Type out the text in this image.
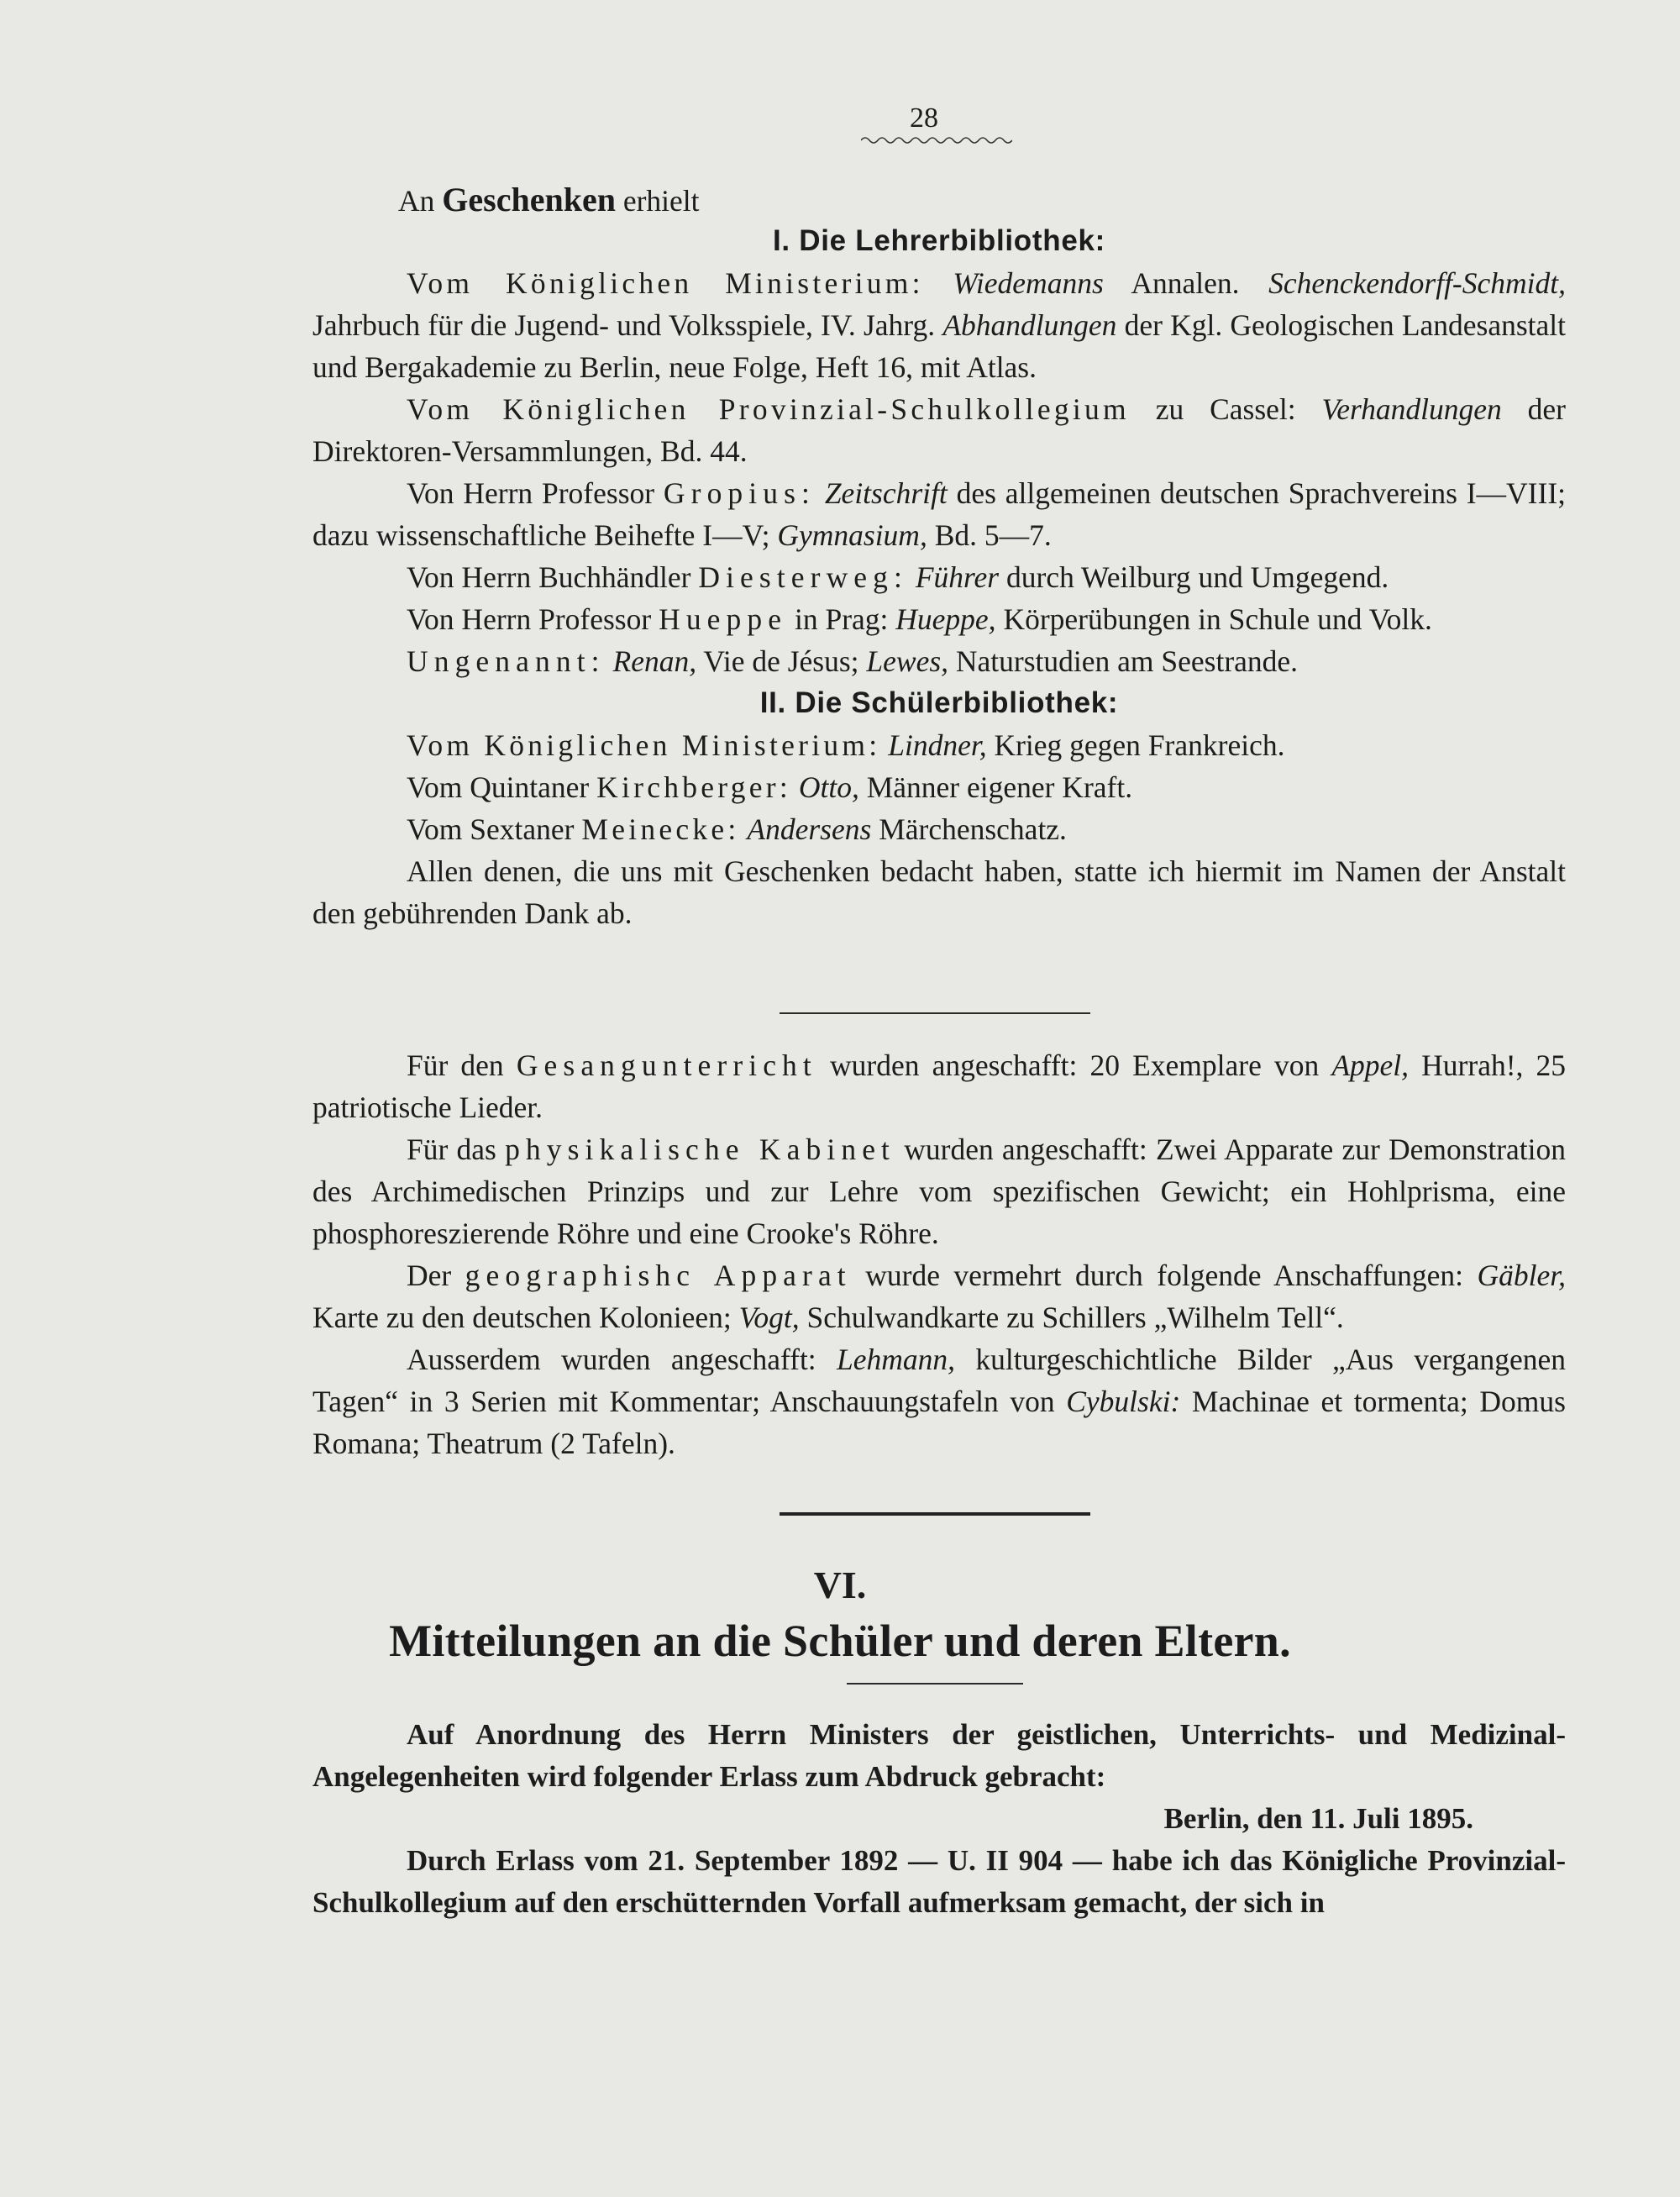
28

An Geschenken erhielt

I. Die Lehrerbibliothek:

Vom Königlichen Ministerium: Wiedemanns Annalen. Schenckendorff-Schmidt, Jahrbuch für die Jugend- und Volksspiele, IV. Jahrg. Abhandlungen der Kgl. Geologischen Landesanstalt und Bergakademie zu Berlin, neue Folge, Heft 16, mit Atlas.

Vom Königlichen Provinzial-Schulkollegium zu Cassel: Verhandlungen der Direktoren-Versammlungen, Bd. 44.

Von Herrn Professor Gropius: Zeitschrift des allgemeinen deutschen Sprachvereins I—VIII; dazu wissenschaftliche Beihefte I—V; Gymnasium, Bd. 5—7.

Von Herrn Buchhändler Diesterweg: Führer durch Weilburg und Umgegend.

Von Herrn Professor Hueppe in Prag: Hueppe, Körperübungen in Schule und Volk.

Ungenannt: Renan, Vie de Jésus; Lewes, Naturstudien am Seestrande.

II. Die Schülerbibliothek:

Vom Königlichen Ministerium: Lindner, Krieg gegen Frankreich.

Vom Quintaner Kirchberger: Otto, Männer eigener Kraft.

Vom Sextaner Meinecke: Andersens Märchenschatz.

Allen denen, die uns mit Geschenken bedacht haben, statte ich hiermit im Namen der Anstalt den gebührenden Dank ab.

Für den Gesangunterricht wurden angeschafft: 20 Exemplare von Appel, Hurrah!, 25 patriotische Lieder.

Für das physikalische Kabinet wurden angeschafft: Zwei Apparate zur Demonstration des Archimedischen Prinzips und zur Lehre vom spezifischen Gewicht; ein Hohlprisma, eine phosphoreszierende Röhre und eine Crooke's Röhre.

Der geographishc Apparat wurde vermehrt durch folgende Anschaffungen: Gäbler, Karte zu den deutschen Kolonieen; Vogt, Schulwandkarte zu Schillers „Wilhelm Tell“.

Ausserdem wurden angeschafft: Lehmann, kulturgeschichtliche Bilder „Aus vergangenen Tagen“ in 3 Serien mit Kommentar; Anschauungstafeln von Cybulski: Machinae et tormenta; Domus Romana; Theatrum (2 Tafeln).

VI.
Mitteilungen an die Schüler und deren Eltern.

Auf Anordnung des Herrn Ministers der geistlichen, Unterrichts- und Medizinal-Angelegenheiten wird folgender Erlass zum Abdruck gebracht:

Berlin, den 11. Juli 1895.

Durch Erlass vom 21. September 1892 — U. II 904 — habe ich das Königliche Provinzial-Schulkollegium auf den erschütternden Vorfall aufmerksam gemacht, der sich in
